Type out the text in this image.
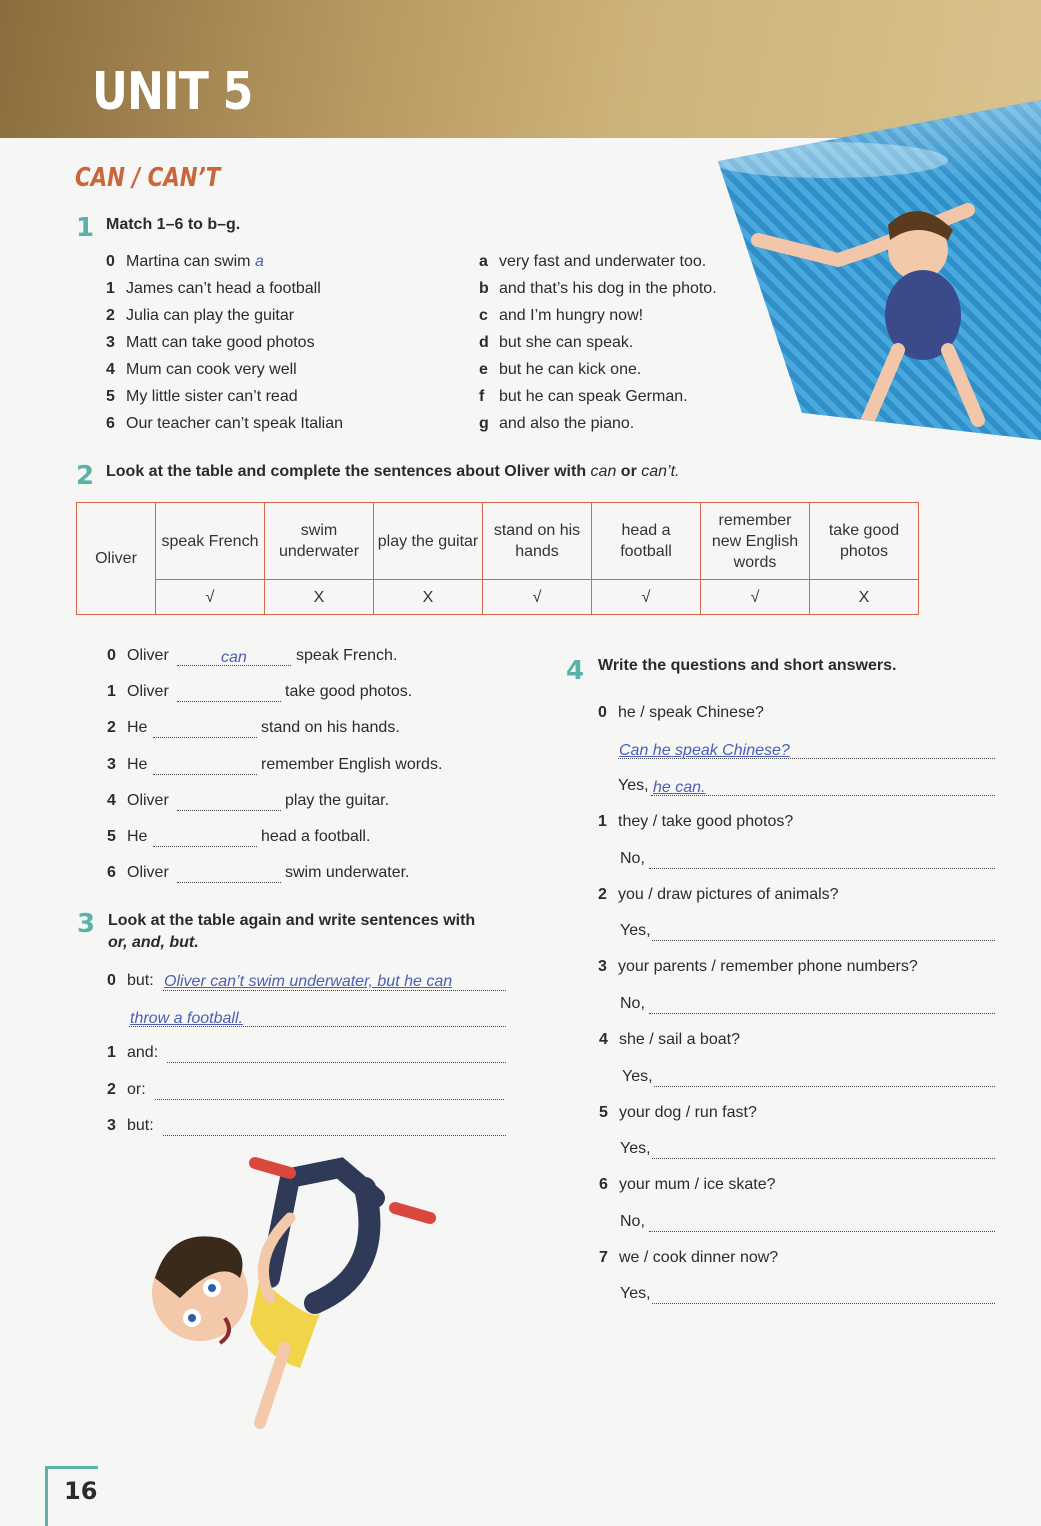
UNIT 5
CAN / CAN’T
1 Match 1–6 to b–g.
0 Martina can swim a
1 James can’t head a football
2 Julia can play the guitar
3 Matt can take good photos
4 Mum can cook very well
5 My little sister can’t read
6 Our teacher can’t speak Italian
a very fast and underwater too.
b and that’s his dog in the photo.
c and I’m hungry now!
d but she can speak.
e but he can kick one.
f but he can speak German.
g and also the piano.
2 Look at the table and complete the sentences about Oliver with can or can’t.
Oliver	speak French	swim underwater	play the guitar	stand on his hands	head a football	remember new English words	take good photos
	√	X	X	√	√	√	X
0 Oliver	can	speak French.
1 Oliver	take good photos.
2 He	stand on his hands.
3 He	remember English words.
4 Oliver	play the guitar.
5 He	head a football.
6 Oliver	swim underwater.
3 Look at the table again and write sentences with
or, and, but.
0 but: Oliver can’t swim underwater, but he can
throw a football.
1 and:
2 or:
3 but:
4 Write the questions and short answers.
0 he / speak Chinese?
Can he speak Chinese?
Yes, he can.
1 they / take good photos?
No,
2 you / draw pictures of animals?
Yes,
3 your parents / remember phone numbers?
No,
4 she / sail a boat?
Yes,
5 your dog / run fast?
Yes,
6 your mum / ice skate?
No,
7 we / cook dinner now?
Yes,
16
